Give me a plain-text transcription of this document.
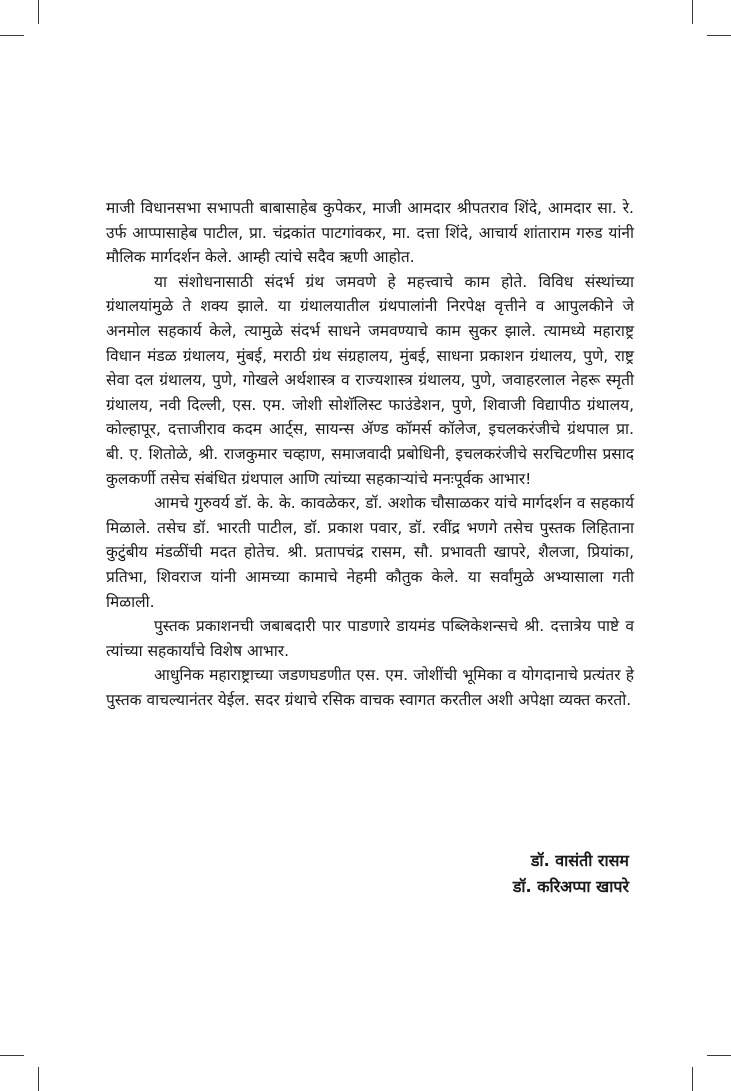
माजी विधानसभा सभापती बाबासाहेब कुपेकर, माजी आमदार श्रीपतराव शिंदे, आमदार सा. रे. उर्फ आप्पासाहेब पाटील, प्रा. चंद्रकांत पाटगांवकर, मा. दत्ता शिंदे, आचार्य शांताराम गरुड यांनी मौलिक मार्गदर्शन केले. आम्ही त्यांचे सदैव ऋणी आहोत.

या संशोधनासाठी संदर्भ ग्रंथ जमवणे हे महत्त्वाचे काम होते. विविध संस्थांच्या ग्रंथालयांमुळे ते शक्य झाले. या ग्रंथालयातील ग्रंथपालांनी निरपेक्ष वृत्तीने व आपुलकीने जे अनमोल सहकार्य केले, त्यामुळे संदर्भ साधने जमवण्याचे काम सुकर झाले. त्यामध्ये महाराष्ट्र विधान मंडळ ग्रंथालय, मुंबई, मराठी ग्रंथ संग्रहालय, मुंबई, साधना प्रकाशन ग्रंथालय, पुणे, राष्ट्र सेवा दल ग्रंथालय, पुणे, गोखले अर्थशास्त्र व राज्यशास्त्र ग्रंथालय, पुणे, जवाहरलाल नेहरू स्मृती ग्रंथालय, नवी दिल्ली, एस. एम. जोशी सोशॅलिस्ट फाउंडेशन, पुणे, शिवाजी विद्यापीठ ग्रंथालय, कोल्हापूर, दत्ताजीराव कदम आर्ट्स, सायन्स ॲण्ड कॉमर्स कॉलेज, इचलकरंजीचे ग्रंथपाल प्रा. बी. ए. शितोळे, श्री. राजकुमार चव्हाण, समाजवादी प्रबोधिनी, इचलकरंजीचे सरचिटणीस प्रसाद कुलकर्णी तसेच संबंधित ग्रंथपाल आणि त्यांच्या सहकाऱ्यांचे मनःपूर्वक आभार!

आमचे गुरुवर्य डॉ. के. के. कावळेकर, डॉ. अशोक चौसाळकर यांचे मार्गदर्शन व सहकार्य मिळाले. तसेच डॉ. भारती पाटील, डॉ. प्रकाश पवार, डॉ. रवींद्र भणगे तसेच पुस्तक लिहिताना कुटुंबीय मंडळींची मदत होतेच. श्री. प्रतापचंद्र रासम, सौ. प्रभावती खापरे, शैलजा, प्रियांका, प्रतिभा, शिवराज यांनी आमच्या कामाचे नेहमी कौतुक केले. या सर्वांमुळे अभ्यासाला गती मिळाली.

पुस्तक प्रकाशनची जबाबदारी पार पाडणारे डायमंड पब्लिकेशन्सचे श्री. दत्तात्रेय पाष्टे व त्यांच्या सहकार्यांचे विशेष आभार.

आधुनिक महाराष्ट्राच्या जडणघडणीत एस. एम. जोशींची भूमिका व योगदानाचे प्रत्यंतर हे पुस्तक वाचल्यानंतर येईल. सदर ग्रंथाचे रसिक वाचक स्वागत करतील अशी अपेक्षा व्यक्त करतो.

डॉ. वासंती रासम
डॉ. करिअप्पा खापरे
